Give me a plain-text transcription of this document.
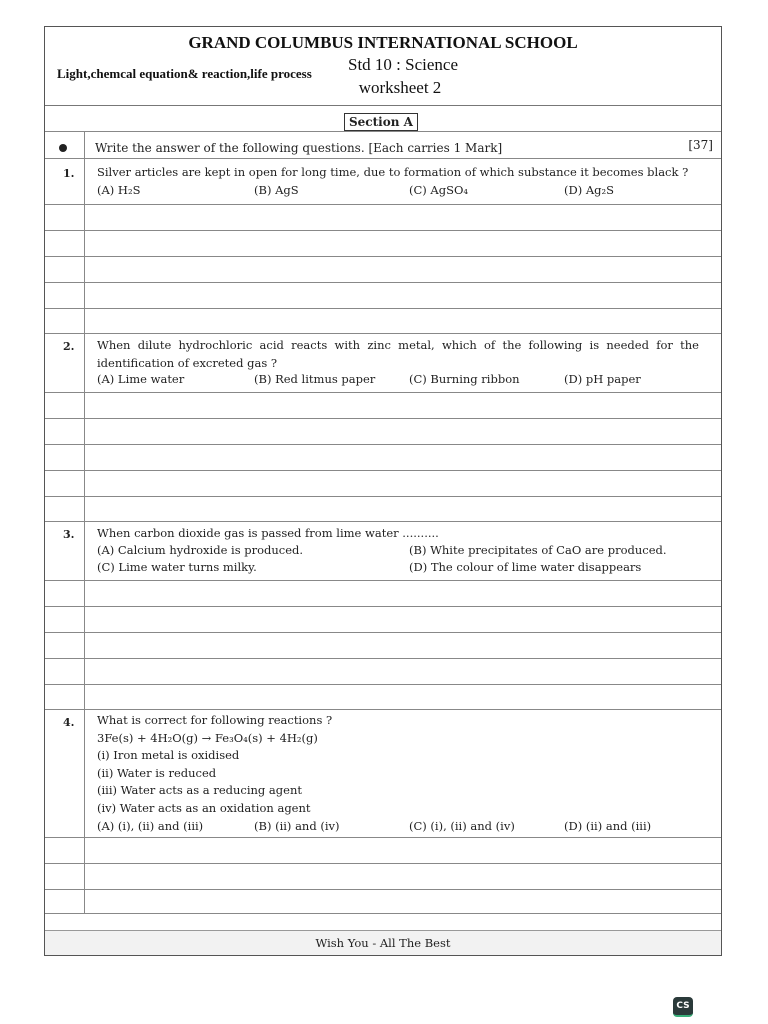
GRAND COLUMBUS INTERNATIONAL SCHOOL
Std 10 : Science
Light,chemcal equation& reaction,life process
worksheet 2
Section A
Write the answer of the following questions. [Each carries 1 Mark]	[37]
1. Silver articles are kept in open for long time, due to formation of which substance it becomes black ?
(A) H₂S	(B) AgS	(C) AgSO₄	(D) Ag₂S
2. When dilute hydrochloric acid reacts with zinc metal, which of the following is needed for the identification of excreted gas ?
(A) Lime water	(B) Red litmus paper	(C) Burning ribbon	(D) pH paper
3. When carbon dioxide gas is passed from lime water ..........
(A) Calcium hydroxide is produced.	(B) White precipitates of CaO are produced.
(C) Lime water turns milky.	(D) The colour of lime water disappears
4. What is correct for following reactions ?
3Fe(s) + 4H₂O(g) → Fe₃O₄(s) + 4H₂(g)
(i) Iron metal is oxidised
(ii) Water is reduced
(iii) Water acts as a reducing agent
(iv) Water acts as an oxidation agent
(A) (i), (ii) and (iii)	(B) (ii) and (iv)	(C) (i), (ii) and (iv)	(D) (ii) and (iii)
Wish You - All The Best
CS
